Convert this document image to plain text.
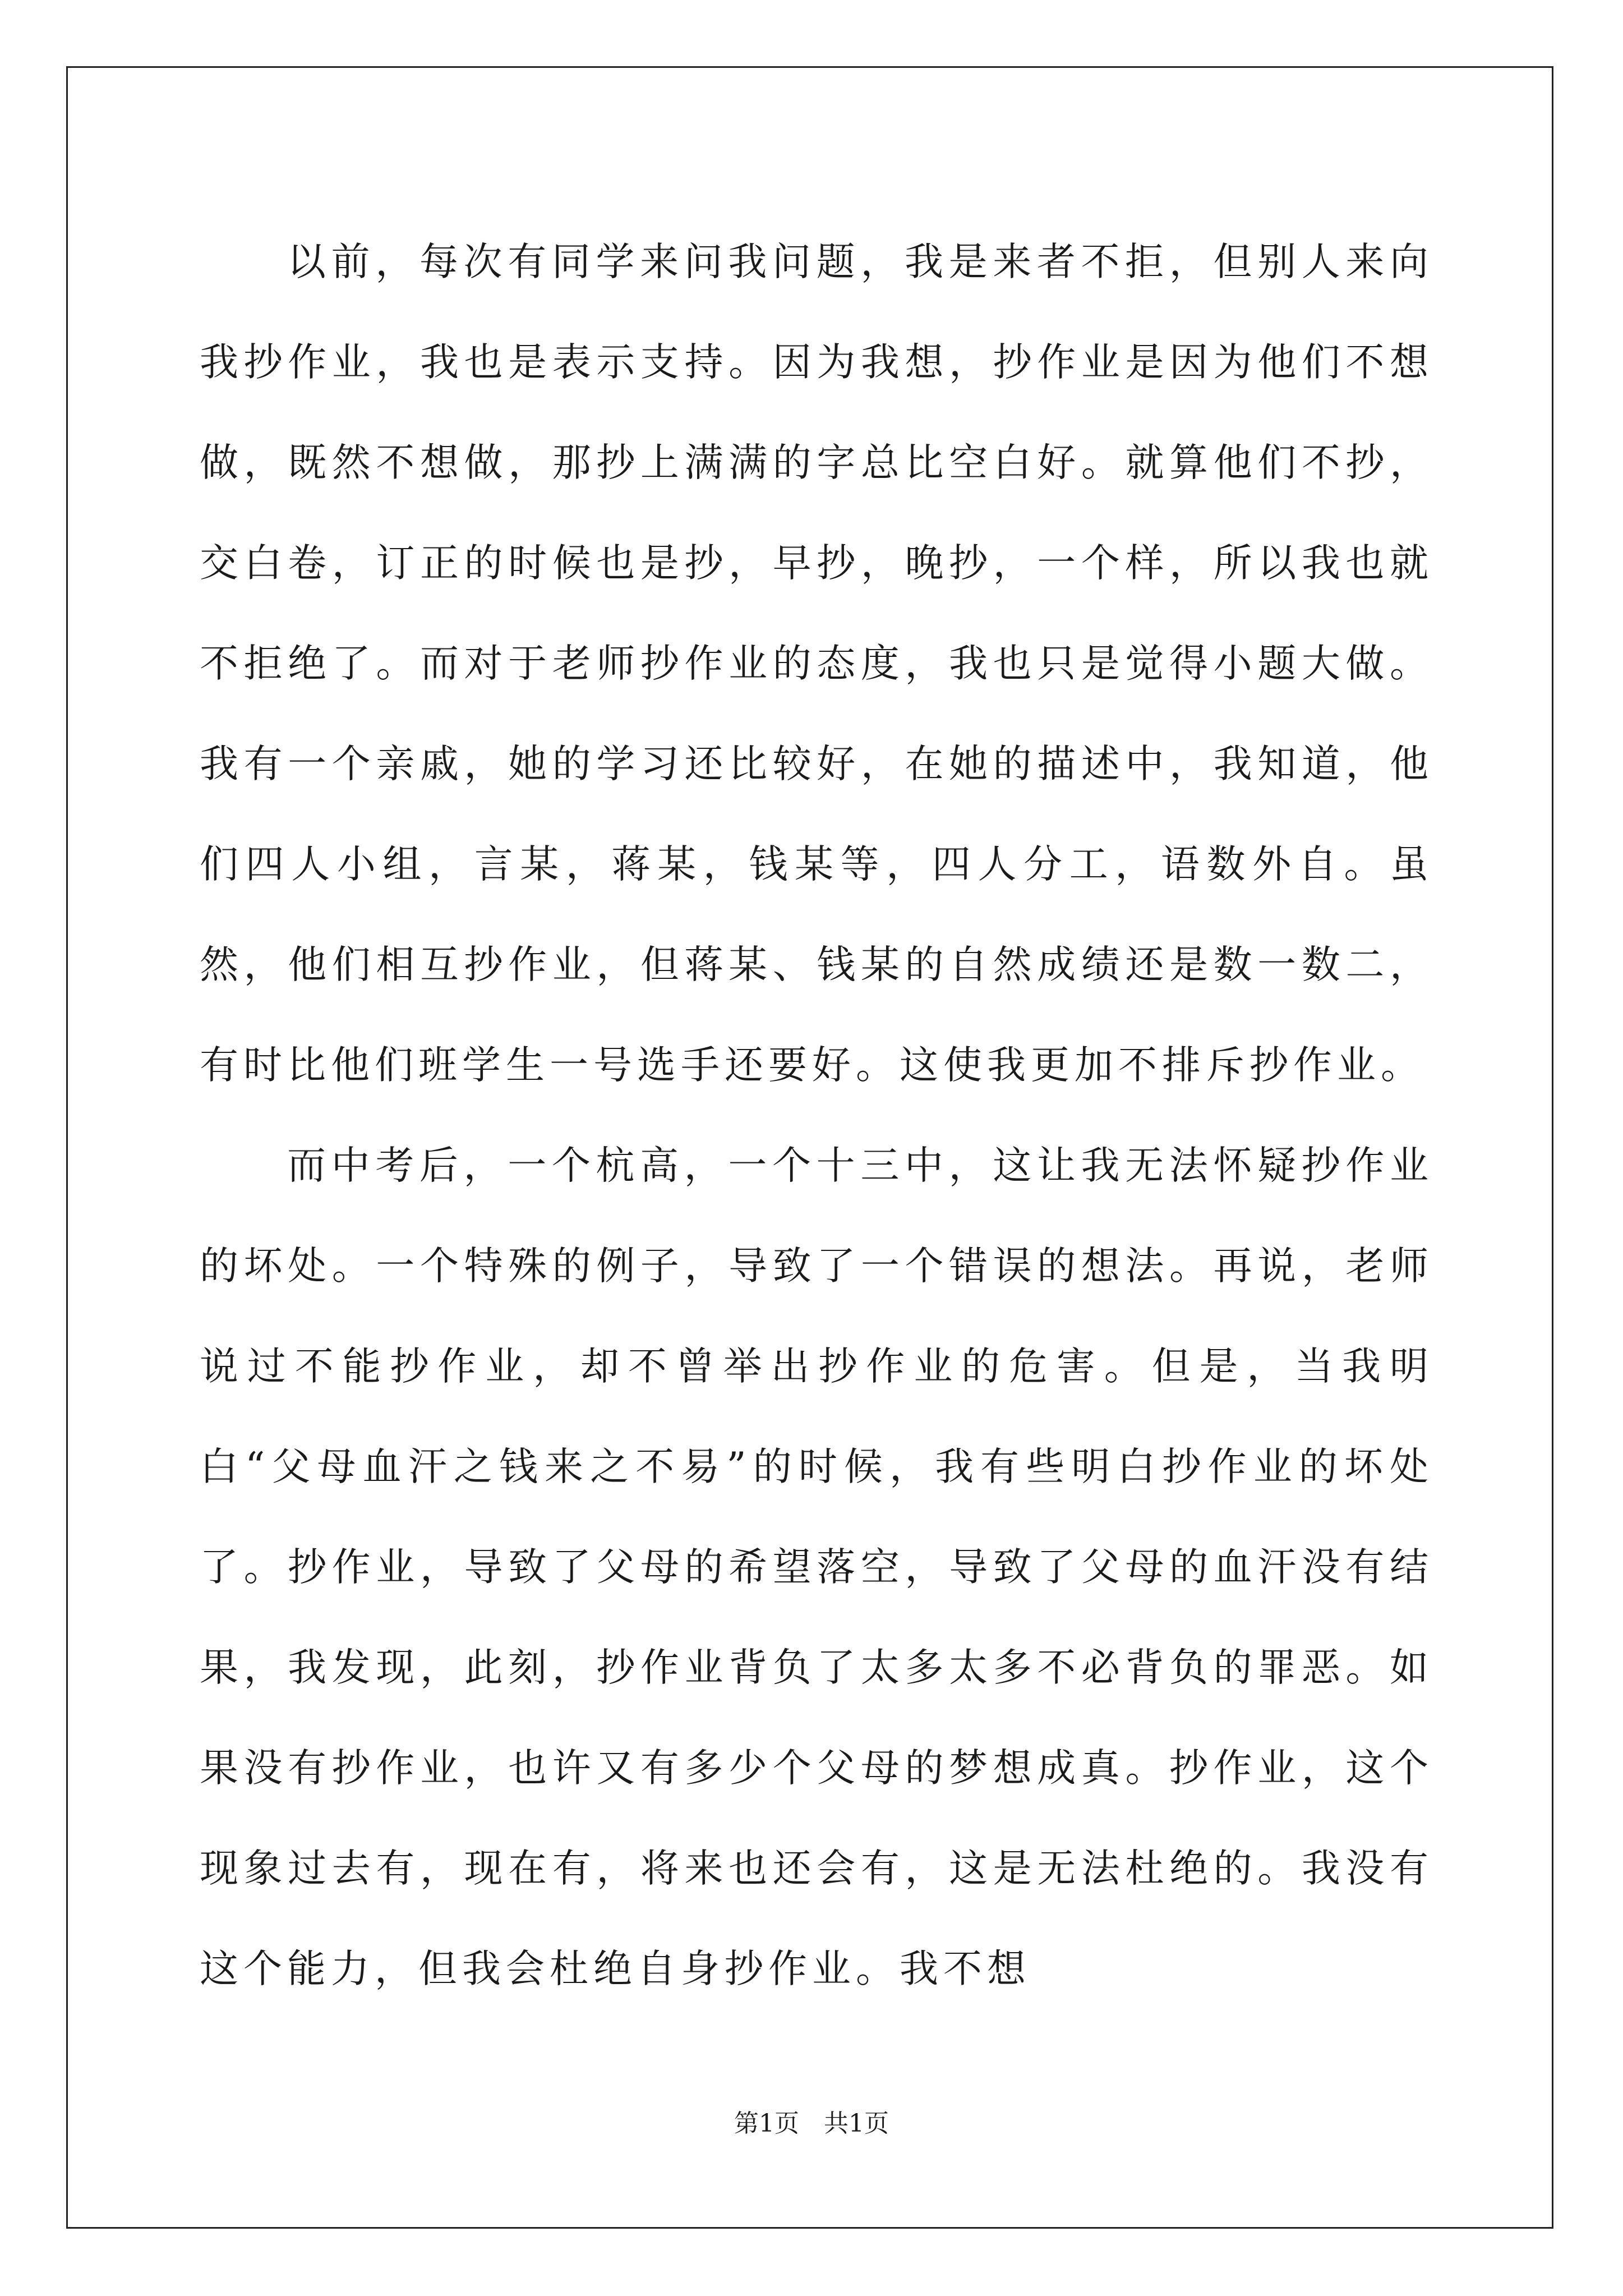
以前，每次有同学来问我问题，我是来者不拒，但别人来向我抄作业，我也是表示支持。因为我想，抄作业是因为他们不想做，既然不想做，那抄上满满的字总比空白好。就算他们不抄，交白卷，订正的时候也是抄，早抄，晚抄，一个样，所以我也就不拒绝了。而对于老师抄作业的态度，我也只是觉得小题大做。我有一个亲戚，她的学习还比较好，在她的描述中，我知道，他们四人小组，言某，蒋某，钱某等，四人分工，语数外自。虽然，他们相互抄作业，但蒋某、钱某的自然成绩还是数一数二，有时比他们班学生一号选手还要好。这使我更加不排斥抄作业。

而中考后，一个杭高，一个十三中，这让我无法怀疑抄作业的坏处。一个特殊的例子，导致了一个错误的想法。再说，老师说过不能抄作业，却不曾举出抄作业的危害。但是，当我明白“父母血汗之钱来之不易”的时候，我有些明白抄作业的坏处了。抄作业，导致了父母的希望落空，导致了父母的血汗没有结果，我发现，此刻，抄作业背负了太多太多不必背负的罪恶。如果没有抄作业，也许又有多少个父母的梦想成真。抄作业，这个现象过去有，现在有，将来也还会有，这是无法杜绝的。我没有这个能力，但我会杜绝自身抄作业。我不想

第1页　共1页
